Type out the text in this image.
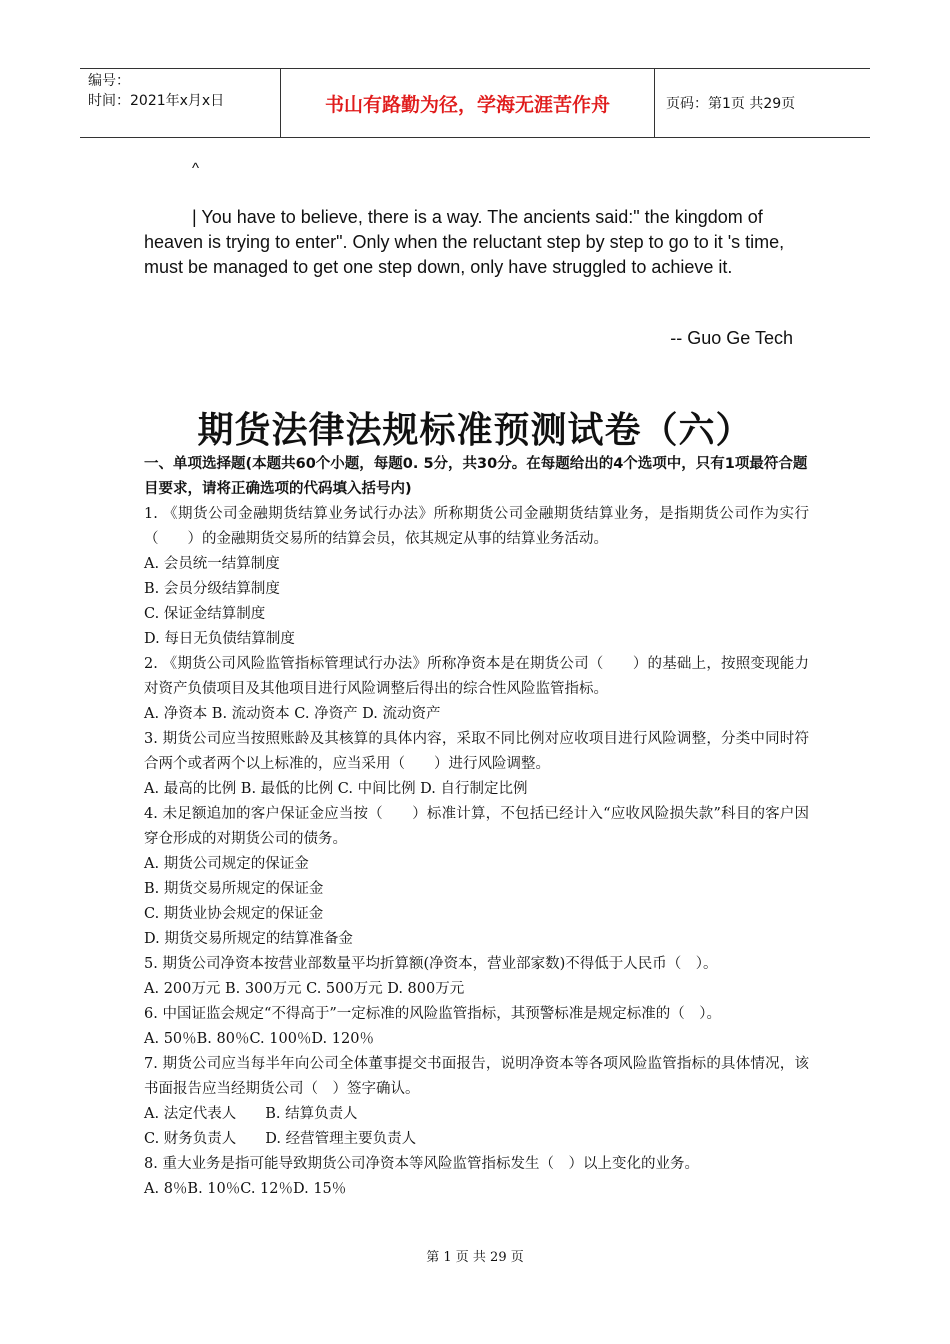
编号：
时间：2021年x月x日	书山有路勤为径，学海无涯苦作舟	页码：第1页 共29页
^

| You have to believe, there is a way. The ancients said:" the kingdom of heaven is trying to enter". Only when the reluctant step by step to go to it 's time, must be managed to get one step down, only have struggled to achieve it.

-- Guo Ge Tech
期货法律法规标准预测试卷（六）

一、单项选择题(本题共60个小题，每题0. 5分，共30分。在每题给出的4个选项中，只有1项最符合题目要求，请将正确选项的代码填入括号内)

1. 《期货公司金融期货结算业务试行办法》所称期货公司金融期货结算业务，是指期货公司作为实行（　　）的金融期货交易所的结算会员，依其规定从事的结算业务活动。

A. 会员统一结算制度

B. 会员分级结算制度

C. 保证金结算制度

D. 每日无负债结算制度

2. 《期货公司风险监管指标管理试行办法》所称净资本是在期货公司（　　）的基础上，按照变现能力对资产负债项目及其他项目进行风险调整后得出的综合性风险监管指标。

A. 净资本 B. 流动资本 C. 净资产 D. 流动资产

3. 期货公司应当按照账龄及其核算的具体内容，采取不同比例对应收项目进行风险调整，分类中同时符合两个或者两个以上标准的，应当采用（　　）进行风险调整。

A. 最高的比例 B. 最低的比例 C. 中间比例 D. 自行制定比例

4. 未足额追加的客户保证金应当按（　　）标准计算，不包括已经计入“应收风险损失款”科目的客户因穿仓形成的对期货公司的债务。

A. 期货公司规定的保证金

B. 期货交易所规定的保证金

C. 期货业协会规定的保证金

D. 期货交易所规定的结算准备金

5. 期货公司净资本按营业部数量平均折算额(净资本，营业部家数)不得低于人民币（　）。

A. 200万元 B. 300万元 C. 500万元 D. 800万元

6. 中国证监会规定“不得高于”一定标准的风险监管指标，其预警标准是规定标准的（　）。

A. 50％B. 80％C. 100％D. 120％

7. 期货公司应当每半年向公司全体董事提交书面报告，说明净资本等各项风险监管指标的具体情况，该书面报告应当经期货公司（　）签字确认。

A. 法定代表人　　B. 结算负责人

C. 财务负责人　　D. 经营管理主要负责人

8. 重大业务是指可能导致期货公司净资本等风险监管指标发生（　）以上变化的业务。

A. 8％B. 10％C. 12％D. 15％

第 1 页 共 29 页
